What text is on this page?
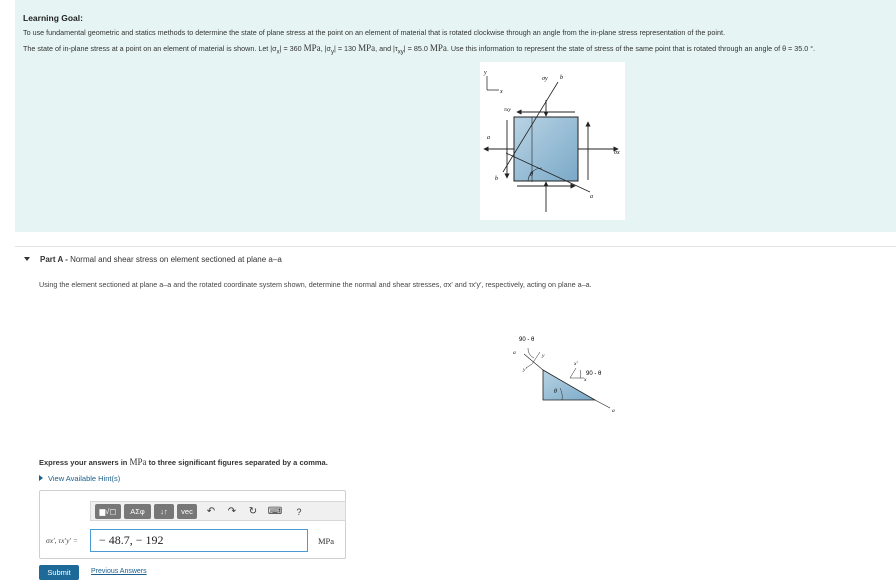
Learning Goal:
To use fundamental geometric and statics methods to determine the state of plane stress at the point on an element of material that is rotated clockwise through an angle from the in-plane stress representation of the point.
The state of in-plane stress at a point on an element of material is shown. Let $|\sigma_x| = 360$ MPa, $|\sigma_y| = 130$ MPa, and $|\tau_{xy}| = 85.0$ MPa. Use this information to represent the state of stress of the same point that is rotated through an angle of θ = 35.0 °.
y
x
σy b
τxy
a
b
θ
σx
a
Part A - Normal and shear stress on element sectioned at plane a–a
Using the element sectioned at plane a–a and the rotated coordinate system shown, determine the normal and shear stresses, σx′ and τx′y′, respectively, acting on plane a–a.
90 - θ
a	y
y′
x′
90 - θ
x
θ
a
Express your answers in MPa to three significant figures separated by a comma.
View Available Hint(s)
▆√▢	ΑΣφ	↓↑	vec	↶ ↷ ↻ ⌨	?
σx′, τx′y′ =	− 48.7, − 192	MPa
Submit	Previous Answers
